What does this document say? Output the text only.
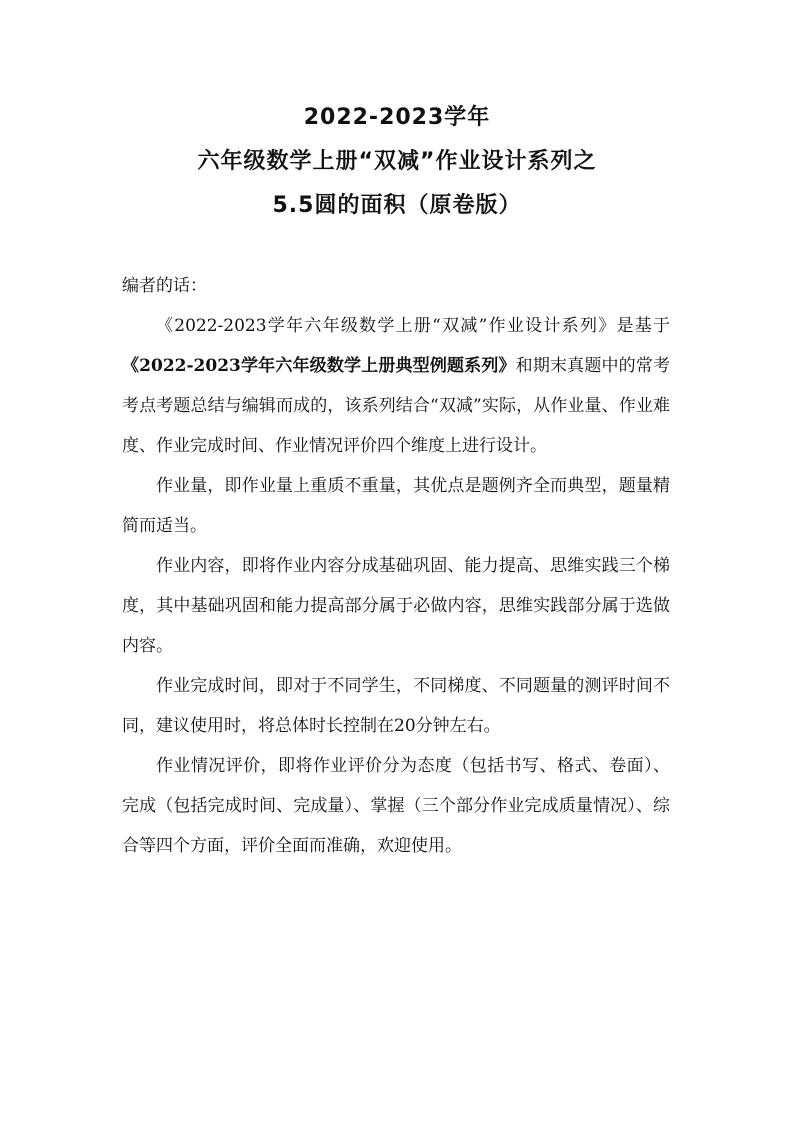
2022-2023学年
六年级数学上册“双减”作业设计系列之
5.5圆的面积（原卷版）

编者的话：

《2022-2023学年六年级数学上册“双减”作业设计系列》是基于《2022-2023学年六年级数学上册典型例题系列》和期末真题中的常考考点考题总结与编辑而成的，该系列结合“双减”实际，从作业量、作业难度、作业完成时间、作业情况评价四个维度上进行设计。

作业量，即作业量上重质不重量，其优点是题例齐全而典型，题量精简而适当。

作业内容，即将作业内容分成基础巩固、能力提高、思维实践三个梯度，其中基础巩固和能力提高部分属于必做内容，思维实践部分属于选做内容。

作业完成时间，即对于不同学生，不同梯度、不同题量的测评时间不同，建议使用时，将总体时长控制在20分钟左右。

作业情况评价，即将作业评价分为态度（包括书写、格式、卷面）、完成（包括完成时间、完成量）、掌握（三个部分作业完成质量情况）、综合等四个方面，评价全面而准确，欢迎使用。
